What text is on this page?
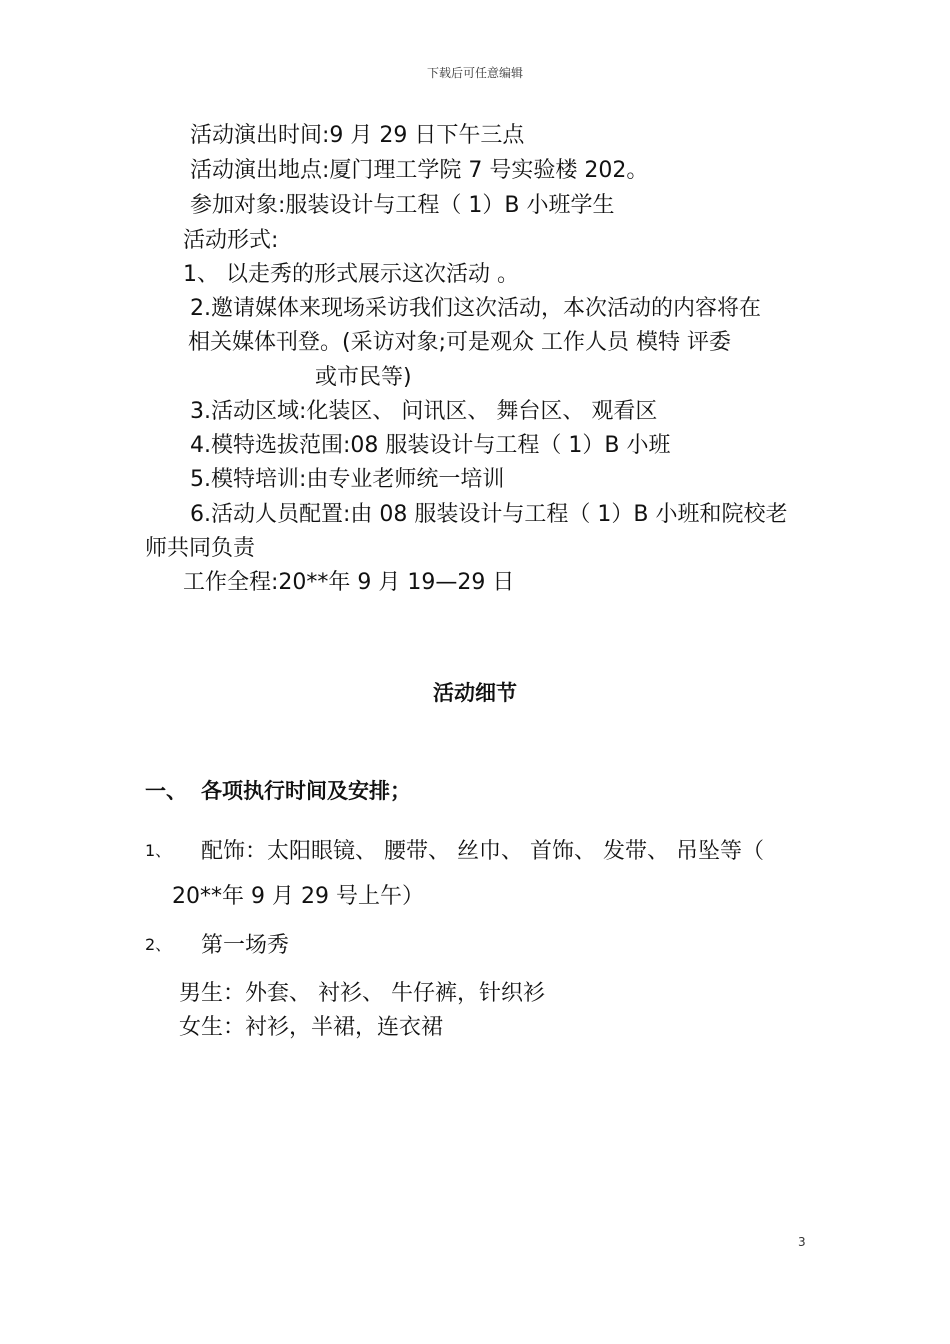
下载后可任意编辑
活动演出时间:9 月 29 日下午三点
活动演出地点:厦门理工学院 7 号实验楼 202。
参加对象:服装设计与工程（ 1）B 小班学生
活动形式:
1、 以走秀的形式展示这次活动 。
2.邀请媒体来现场采访我们这次活动，本次活动的内容将在
相关媒体刊登。(采访对象;可是观众 工作人员 模特 评委
或市民等)
3.活动区域:化装区、 问讯区、 舞台区、 观看区
4.模特选拔范围:08 服装设计与工程（ 1）B 小班
5.模特培训:由专业老师统一培训
6.活动人员配置:由 08 服装设计与工程（ 1）B 小班和院校老
师共同负责
工作全程:20**年 9 月 19—29 日
活动细节
一、 各项执行时间及安排；
1、 配饰：太阳眼镜、 腰带、 丝巾、 首饰、 发带、 吊坠等（
20**年 9 月 29 号上午）
2、 第一场秀
男生：外套、 衬衫、 牛仔裤，针织衫
女生：衬衫，半裙，连衣裙
3
